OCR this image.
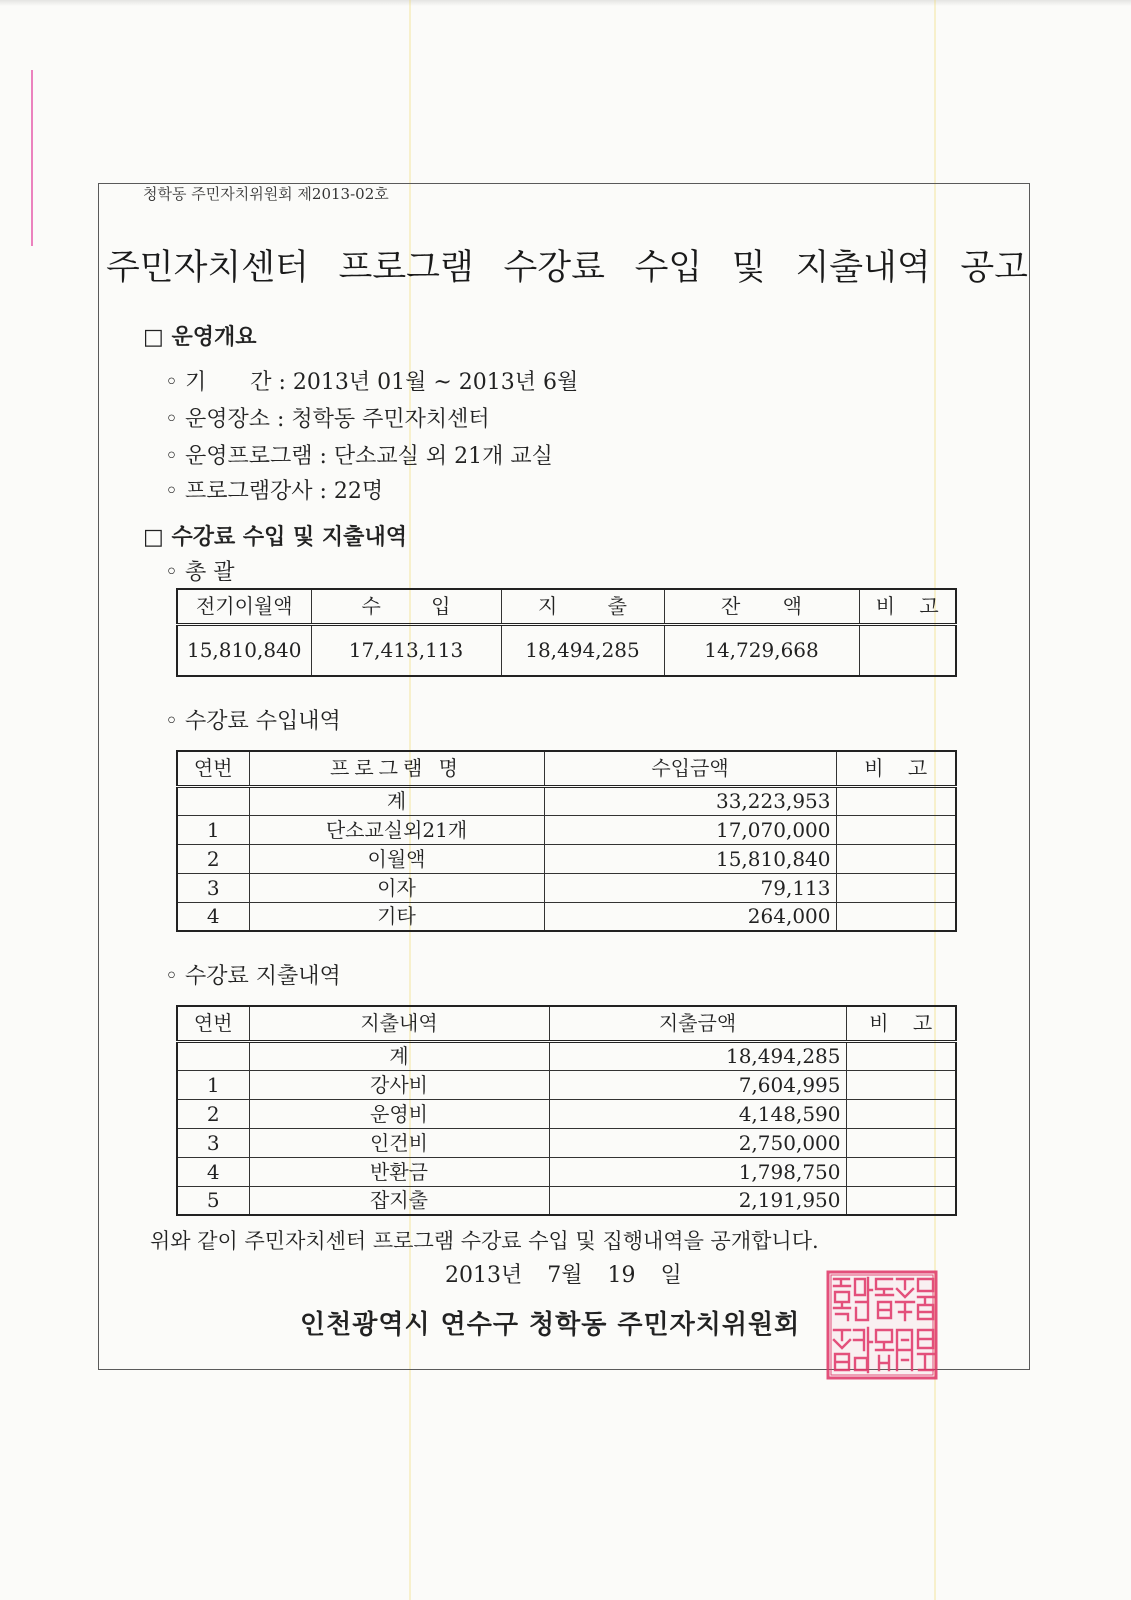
청학동 주민자치위원회 제2013-02호
주민자치센터 프로그램 수강료 수입 및 지출내역 공고
□ 운영개요
◦ 기　　간 : 2013년 01월 ~ 2013년 6월
◦ 운영장소 : 청학동 주민자치센터
◦ 운영프로그램 : 단소교실 외 21개 교실
◦ 프로그램강사 : 22명
□ 수강료 수입 및 지출내역
◦ 총 괄
전기이월액	수 입	지 출	잔 액	비 고
15,810,840	17,413,113	18,494,285	14,729,668	
◦ 수강료 수입내역
연번	프로그램 명	수입금액	비 고
	계	33,223,953	
1	단소교실외21개	17,070,000	
2	이월액	15,810,840	
3	이자	79,113	
4	기타	264,000	
◦ 수강료 지출내역
연번	지출내역	지출금액	비 고
	계	18,494,285	
1	강사비	7,604,995	
2	운영비	4,148,590	
3	인건비	2,750,000	
4	반환금	1,798,750	
5	잡지출	2,191,950	
위와 같이 주민자치센터 프로그램 수강료 수입 및 집행내역을 공개합니다.
2013년 7월 19 일
인천광역시 연수구 청학동 주민자치위원회
